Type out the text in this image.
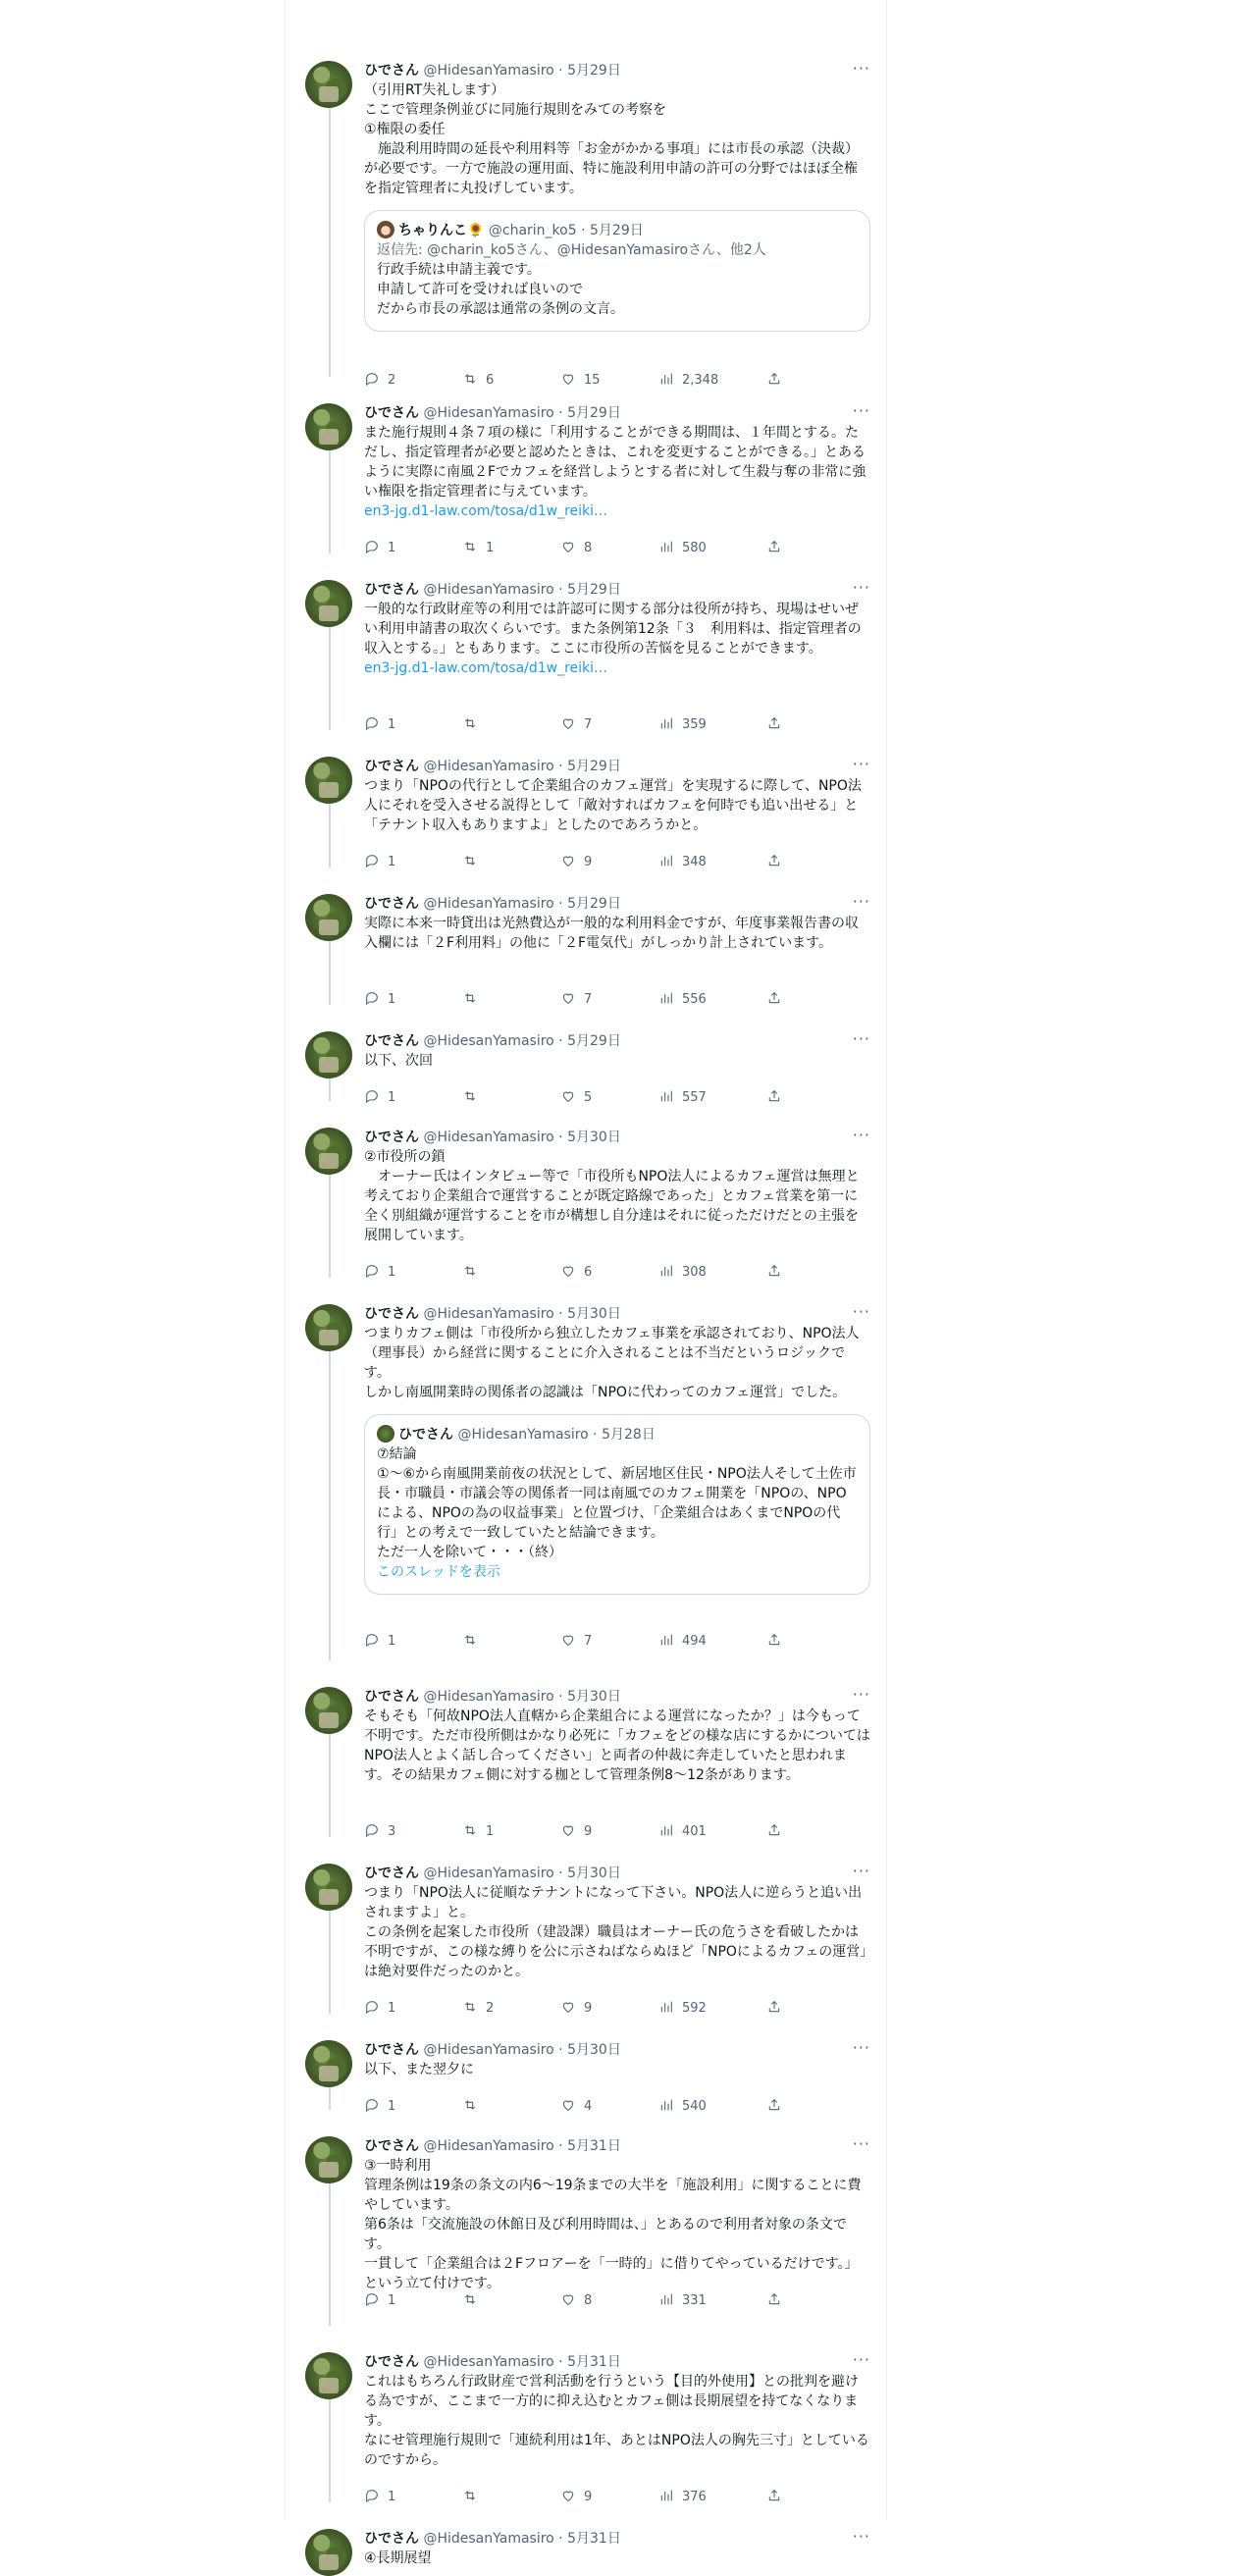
ひでさん @HidesanYamasiro · 5月29日	···
（引用RT失礼します）
ここで管理条例並びに同施行規則をみての考察を
①権限の委任
　施設利用時間の延長や利用料等「お金がかかる事項」には市長の承認（決裁）が必要です。一方で施設の運用面、特に施設利用申請の許可の分野ではほぼ全権を指定管理者に丸投げしています。
ちゃりんこ🌻 @charin_ko5 · 5月29日
返信先: @charin_ko5さん、@HidesanYamasiroさん、他2人
行政手続は申請主義です。
申請して許可を受ければ良いので
だから市長の承認は通常の条例の文言。
2	6	15	2,348
ひでさん @HidesanYamasiro · 5月29日	···
また施行規則４条７項の様に「利用することができる期間は、１年間とする。ただし、指定管理者が必要と認めたときは、これを変更することができる。」とあるように実際に南風２Fでカフェを経営しようとする者に対して生殺与奪の非常に強い権限を指定管理者に与えています。
en3-jg.d1-law.com/tosa/d1w_reiki…
1	1	8	580
ひでさん @HidesanYamasiro · 5月29日	···
一般的な行政財産等の利用では許認可に関する部分は役所が持ち、現場はせいぜい利用申請書の取次くらいです。また条例第12条「３　利用料は、指定管理者の収入とする。」ともあります。ここに市役所の苦悩を見ることができます。
en3-jg.d1-law.com/tosa/d1w_reiki…
1	7	359
ひでさん @HidesanYamasiro · 5月29日	···
つまり「NPOの代行として企業組合のカフェ運営」を実現するに際して、NPO法人にそれを受入させる説得として「敵対すればカフェを何時でも追い出せる」と「テナント収入もありますよ」としたのであろうかと。
1	9	348
ひでさん @HidesanYamasiro · 5月29日	···
実際に本来一時貸出は光熱費込が一般的な利用料金ですが、年度事業報告書の収入欄には「２F利用料」の他に「２F電気代」がしっかり計上されています。
1	7	556
ひでさん @HidesanYamasiro · 5月29日	···
以下、次回
1	5	557
ひでさん @HidesanYamasiro · 5月30日	···
②市役所の鎖
　オーナー氏はインタビュー等で「市役所もNPO法人によるカフェ運営は無理と考えており企業組合で運営することが既定路線であった」とカフェ営業を第一に全く別組織が運営することを市が構想し自分達はそれに従っただけだとの主張を展開しています。
1	6	308
ひでさん @HidesanYamasiro · 5月30日	···
つまりカフェ側は「市役所から独立したカフェ事業を承認されており、NPO法人（理事長）から経営に関することに介入されることは不当だというロジックです。
しかし南風開業時の関係者の認識は「NPOに代わってのカフェ運営」でした。
ひでさん @HidesanYamasiro · 5月28日
⑦結論
①～⑥から南風開業前夜の状況として、新居地区住民・NPO法人そして土佐市長・市職員・市議会等の関係者一同は南風でのカフェ開業を「NPOの、NPOによる、NPOの為の収益事業」と位置づけ、「企業組合はあくまでNPOの代行」との考えで一致していたと結論できます。
ただ一人を除いて・・・（終）
このスレッドを表示
1	7	494
ひでさん @HidesanYamasiro · 5月30日	···
そもそも「何故NPO法人直轄から企業組合による運営になったか？」は今もって不明です。ただ市役所側はかなり必死に「カフェをどの様な店にするかについてはNPO法人とよく話し合ってください」と両者の仲裁に奔走していたと思われます。その結果カフェ側に対する枷として管理条例8～12条があります。
3	1	9	401
ひでさん @HidesanYamasiro · 5月30日	···
つまり「NPO法人に従順なテナントになって下さい。NPO法人に逆らうと追い出されますよ」と。
この条例を起案した市役所（建設課）職員はオーナー氏の危うさを看破したかは不明ですが、この様な縛りを公に示さねばならぬほど「NPOによるカフェの運営」は絶対要件だったのかと。
1	2	9	592
ひでさん @HidesanYamasiro · 5月30日	···
以下、また翌夕に
1	4	540
ひでさん @HidesanYamasiro · 5月31日	···
③一時利用
管理条例は19条の条文の内6～19条までの大半を「施設利用」に関することに費やしています。
第6条は「交流施設の休館日及び利用時間は、」とあるので利用者対象の条文です。
一貫して「企業組合は２Fフロアーを「一時的」に借りてやっているだけです。」という立て付けです。
1	8	331
ひでさん @HidesanYamasiro · 5月31日	···
これはもちろん行政財産で営利活動を行うという【目的外使用】との批判を避ける為ですが、ここまで一方的に抑え込むとカフェ側は長期展望を持てなくなります。
なにせ管理施行規則で「連続利用は1年、あとはNPO法人の胸先三寸」としているのですから。
1	9	376
ひでさん @HidesanYamasiro · 5月31日	···
④長期展望
